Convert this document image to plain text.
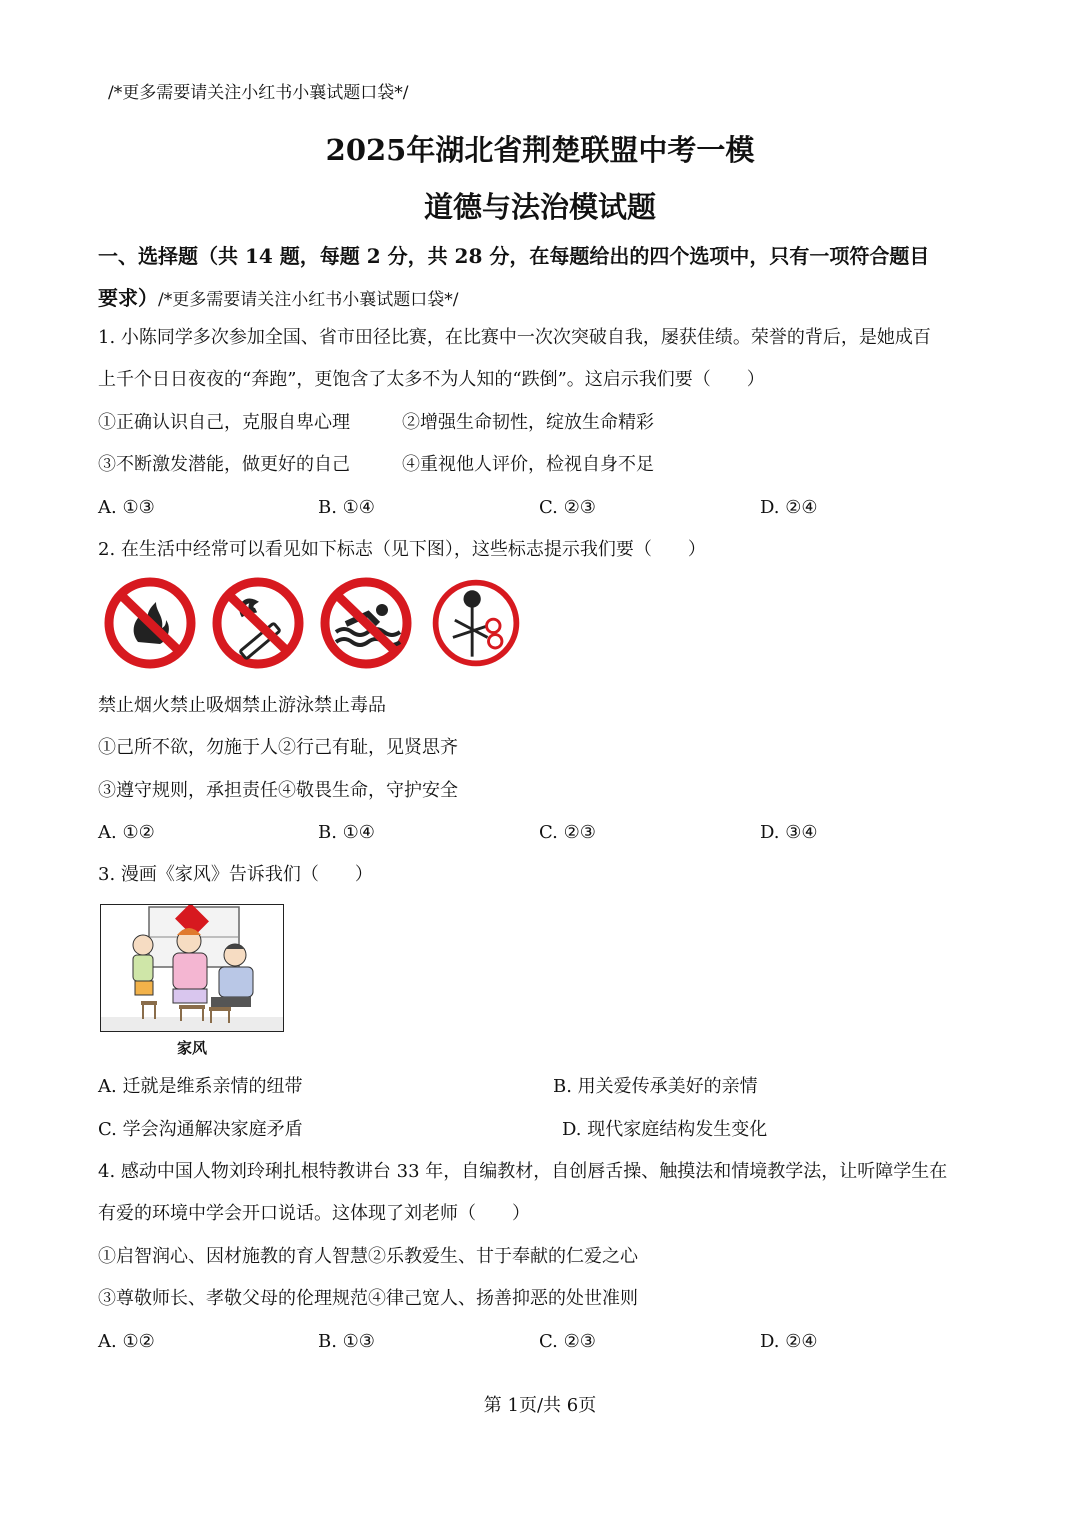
/*更多需要请关注小红书小襄试题口袋*/
2025年湖北省荆楚联盟中考一模
道德与法治模试题
一、选择题（共 14 题，每题 2 分，共 28 分，在每题给出的四个选项中，只有一项符合题目
要求）/*更多需要请关注小红书小襄试题口袋*/
1. 小陈同学多次参加全国、省市田径比赛，在比赛中一次次突破自我，屡获佳绩。荣誉的背后，是她成百
上千个日日夜夜的“奔跑”，更饱含了太多不为人知的“跌倒”。这启示我们要（　　）
①正确认识自己，克服自卑心理	②增强生命韧性，绽放生命精彩
③不断激发潜能，做更好的自己	④重视他人评价，检视自身不足
A. ①③	B. ①④	C. ②③	D. ②④
2. 在生活中经常可以看见如下标志（见下图），这些标志提示我们要（　　）
禁止烟火禁止吸烟禁止游泳禁止毒品
①己所不欲，勿施于人②行己有耻，见贤思齐
③遵守规则，承担责任④敬畏生命，守护安全
A. ①②	B. ①④	C. ②③	D. ③④
3. 漫画《家风》告诉我们（　　）
家风
A. 迁就是维系亲情的纽带	B. 用关爱传承美好的亲情
C. 学会沟通解决家庭矛盾	D. 现代家庭结构发生变化
4. 感动中国人物刘玲琍扎根特教讲台 33 年，自编教材，自创唇舌操、触摸法和情境教学法，让听障学生在
有爱的环境中学会开口说话。这体现了刘老师（　　）
①启智润心、因材施教的育人智慧②乐教爱生、甘于奉献的仁爱之心
③尊敬师长、孝敬父母的伦理规范④律己宽人、扬善抑恶的处世准则
A. ①②	B. ①③	C. ②③	D. ②④
第 1页/共 6页
